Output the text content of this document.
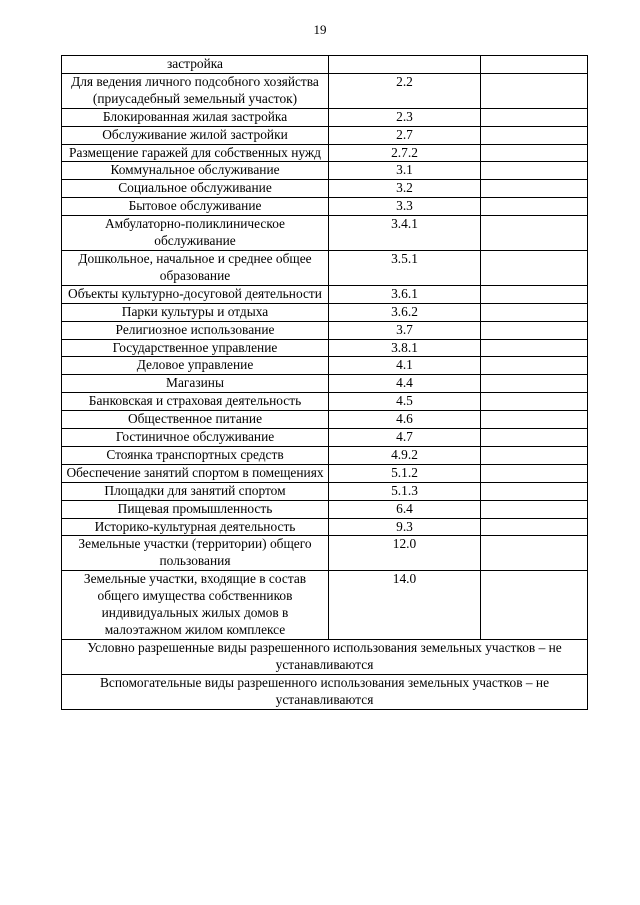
19
застройка		
Для ведения личного подсобного хозяйства (приусадебный земельный участок)	2.2	
Блокированная жилая застройка	2.3	
Обслуживание жилой застройки	2.7	
Размещение гаражей для собственных нужд	2.7.2	
Коммунальное обслуживание	3.1	
Социальное обслуживание	3.2	
Бытовое обслуживание	3.3	
Амбулаторно-поликлиническое обслуживание	3.4.1	
Дошкольное, начальное и среднее общее образование	3.5.1	
Объекты культурно-досуговой деятельности	3.6.1	
Парки культуры и отдыха	3.6.2	
Религиозное использование	3.7	
Государственное управление	3.8.1	
Деловое управление	4.1	
Магазины	4.4	
Банковская и страховая деятельность	4.5	
Общественное питание	4.6	
Гостиничное обслуживание	4.7	
Стоянка транспортных средств	4.9.2	
Обеспечение занятий спортом в помещениях	5.1.2	
Площадки для занятий спортом	5.1.3	
Пищевая промышленность	6.4	
Историко-культурная деятельность	9.3	
Земельные участки (территории) общего пользования	12.0	
Земельные участки, входящие в состав общего имущества собственников индивидуальных жилых домов в малоэтажном жилом комплексе	14.0	
Условно разрешенные виды разрешенного использования земельных участков – не устанавливаются		
Вспомогательные виды разрешенного использования земельных участков – не устанавливаются		
